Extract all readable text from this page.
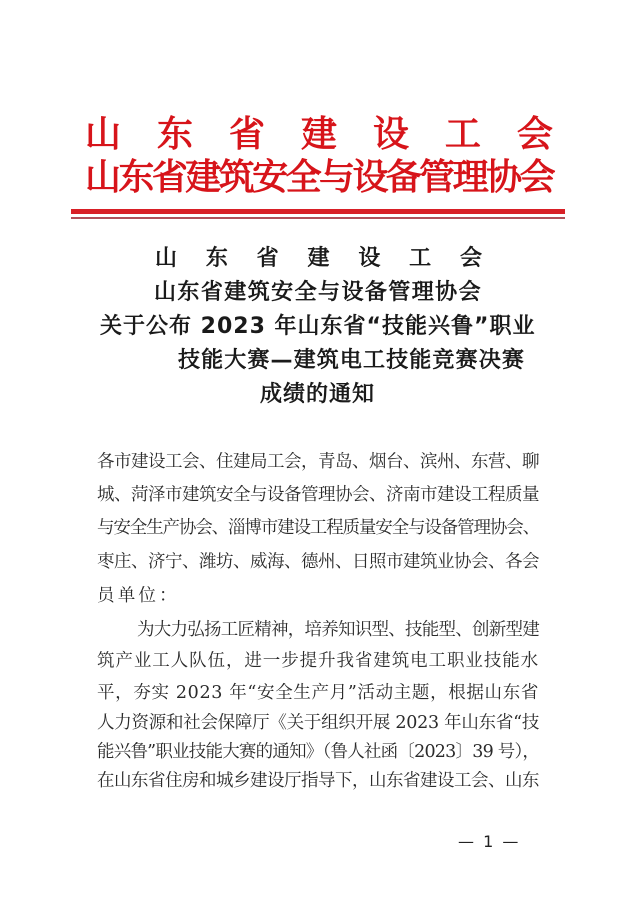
山 东 省 建 设 工 会
山东省建筑安全与设备管理协会
山 东 省 建 设 工 会
山东省建筑安全与设备管理协会
关于公布 2023 年山东省“技能兴鲁”职业
技能大赛—建筑电工技能竞赛决赛
成绩的通知
各市建设工会、住建局工会，青岛、烟台、滨州、东营、聊
城、菏泽市建筑安全与设备管理协会、济南市建设工程质量
与安全生产协会、淄博市建设工程质量安全与设备管理协会、
枣庄、济宁、潍坊、威海、德州、日照市建筑业协会、各会
员单位：
为大力弘扬工匠精神，培养知识型、技能型、创新型建
筑产业工人队伍，进一步提升我省建筑电工职业技能水
平，夯实 2023 年“安全生产月”活动主题，根据山东省
人力资源和社会保障厅《关于组织开展 2023 年山东省“技
能兴鲁”职业技能大赛的通知》（鲁人社函〔2023〕39 号），
在山东省住房和城乡建设厅指导下，山东省建设工会、山东
— 1 —
